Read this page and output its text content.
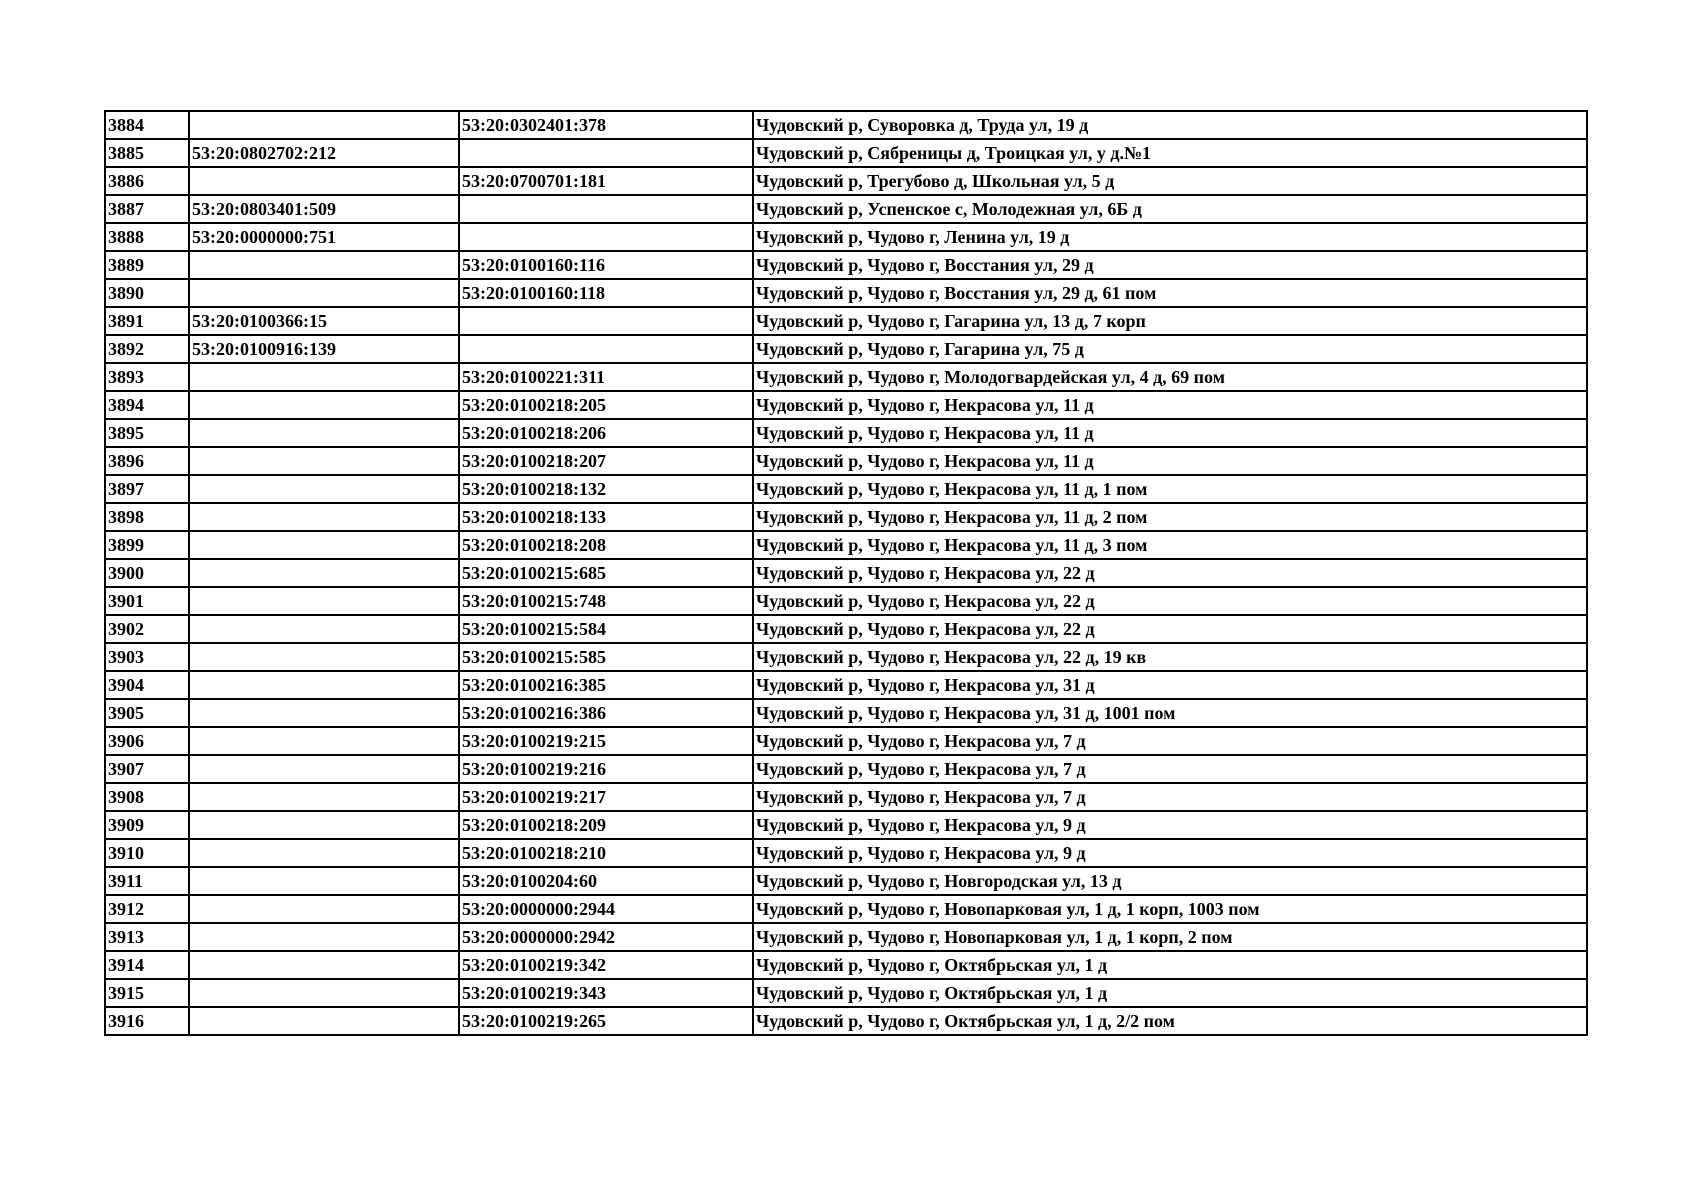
3884		53:20:0302401:378	Чудовский р, Суворовка д, Труда ул, 19 д
3885	53:20:0802702:212		Чудовский р, Сябреницы д, Троицкая ул, у д.№1
3886		53:20:0700701:181	Чудовский р, Трегубово д, Школьная ул, 5 д
3887	53:20:0803401:509		Чудовский р, Успенское с, Молодежная ул, 6Б д
3888	53:20:0000000:751		Чудовский р, Чудово г, Ленина ул, 19 д
3889		53:20:0100160:116	Чудовский р, Чудово г, Восстания ул, 29 д
3890		53:20:0100160:118	Чудовский р, Чудово г, Восстания ул, 29 д, 61 пом
3891	53:20:0100366:15		Чудовский р, Чудово г, Гагарина ул, 13 д, 7 корп
3892	53:20:0100916:139		Чудовский р, Чудово г, Гагарина ул, 75 д
3893		53:20:0100221:311	Чудовский р, Чудово г, Молодогвардейская ул, 4 д, 69 пом
3894		53:20:0100218:205	Чудовский р, Чудово г, Некрасова ул, 11 д
3895		53:20:0100218:206	Чудовский р, Чудово г, Некрасова ул, 11 д
3896		53:20:0100218:207	Чудовский р, Чудово г, Некрасова ул, 11 д
3897		53:20:0100218:132	Чудовский р, Чудово г, Некрасова ул, 11 д, 1 пом
3898		53:20:0100218:133	Чудовский р, Чудово г, Некрасова ул, 11 д, 2 пом
3899		53:20:0100218:208	Чудовский р, Чудово г, Некрасова ул, 11 д, 3 пом
3900		53:20:0100215:685	Чудовский р, Чудово г, Некрасова ул, 22 д
3901		53:20:0100215:748	Чудовский р, Чудово г, Некрасова ул, 22 д
3902		53:20:0100215:584	Чудовский р, Чудово г, Некрасова ул, 22 д
3903		53:20:0100215:585	Чудовский р, Чудово г, Некрасова ул, 22 д, 19 кв
3904		53:20:0100216:385	Чудовский р, Чудово г, Некрасова ул, 31 д
3905		53:20:0100216:386	Чудовский р, Чудово г, Некрасова ул, 31 д, 1001 пом
3906		53:20:0100219:215	Чудовский р, Чудово г, Некрасова ул, 7 д
3907		53:20:0100219:216	Чудовский р, Чудово г, Некрасова ул, 7 д
3908		53:20:0100219:217	Чудовский р, Чудово г, Некрасова ул, 7 д
3909		53:20:0100218:209	Чудовский р, Чудово г, Некрасова ул, 9 д
3910		53:20:0100218:210	Чудовский р, Чудово г, Некрасова ул, 9 д
3911		53:20:0100204:60	Чудовский р, Чудово г, Новгородская ул, 13 д
3912		53:20:0000000:2944	Чудовский р, Чудово г, Новопарковая ул, 1 д, 1 корп, 1003 пом
3913		53:20:0000000:2942	Чудовский р, Чудово г, Новопарковая ул, 1 д, 1 корп, 2 пом
3914		53:20:0100219:342	Чудовский р, Чудово г, Октябрьская ул, 1 д
3915		53:20:0100219:343	Чудовский р, Чудово г, Октябрьская ул, 1 д
3916		53:20:0100219:265	Чудовский р, Чудово г, Октябрьская ул, 1 д, 2/2 пом
